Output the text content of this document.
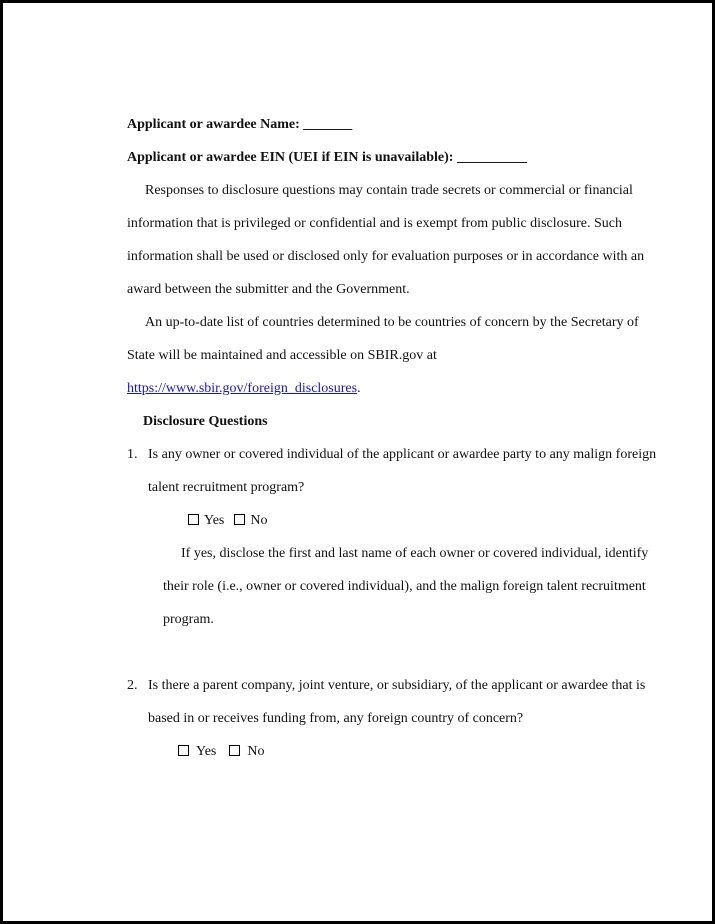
Applicant or awardee Name: _______
Applicant or awardee EIN (UEI if EIN is unavailable): __________
Responses to disclosure questions may contain trade secrets or commercial or financial
information that is privileged or confidential and is exempt from public disclosure. Such
information shall be used or disclosed only for evaluation purposes or in accordance with an
award between the submitter and the Government.
An up-to-date list of countries determined to be countries of concern by the Secretary of
State will be maintained and accessible on SBIR.gov at
https://www.sbir.gov/foreign_disclosures.
Disclosure Questions
1. Is any owner or covered individual of the applicant or awardee party to any malign foreign
talent recruitment program?
Yes No
If yes, disclose the first and last name of each owner or covered individual, identify
their role (i.e., owner or covered individual), and the malign foreign talent recruitment
program.
2. Is there a parent company, joint venture, or subsidiary, of the applicant or awardee that is
based in or receives funding from, any foreign country of concern?
Yes No
